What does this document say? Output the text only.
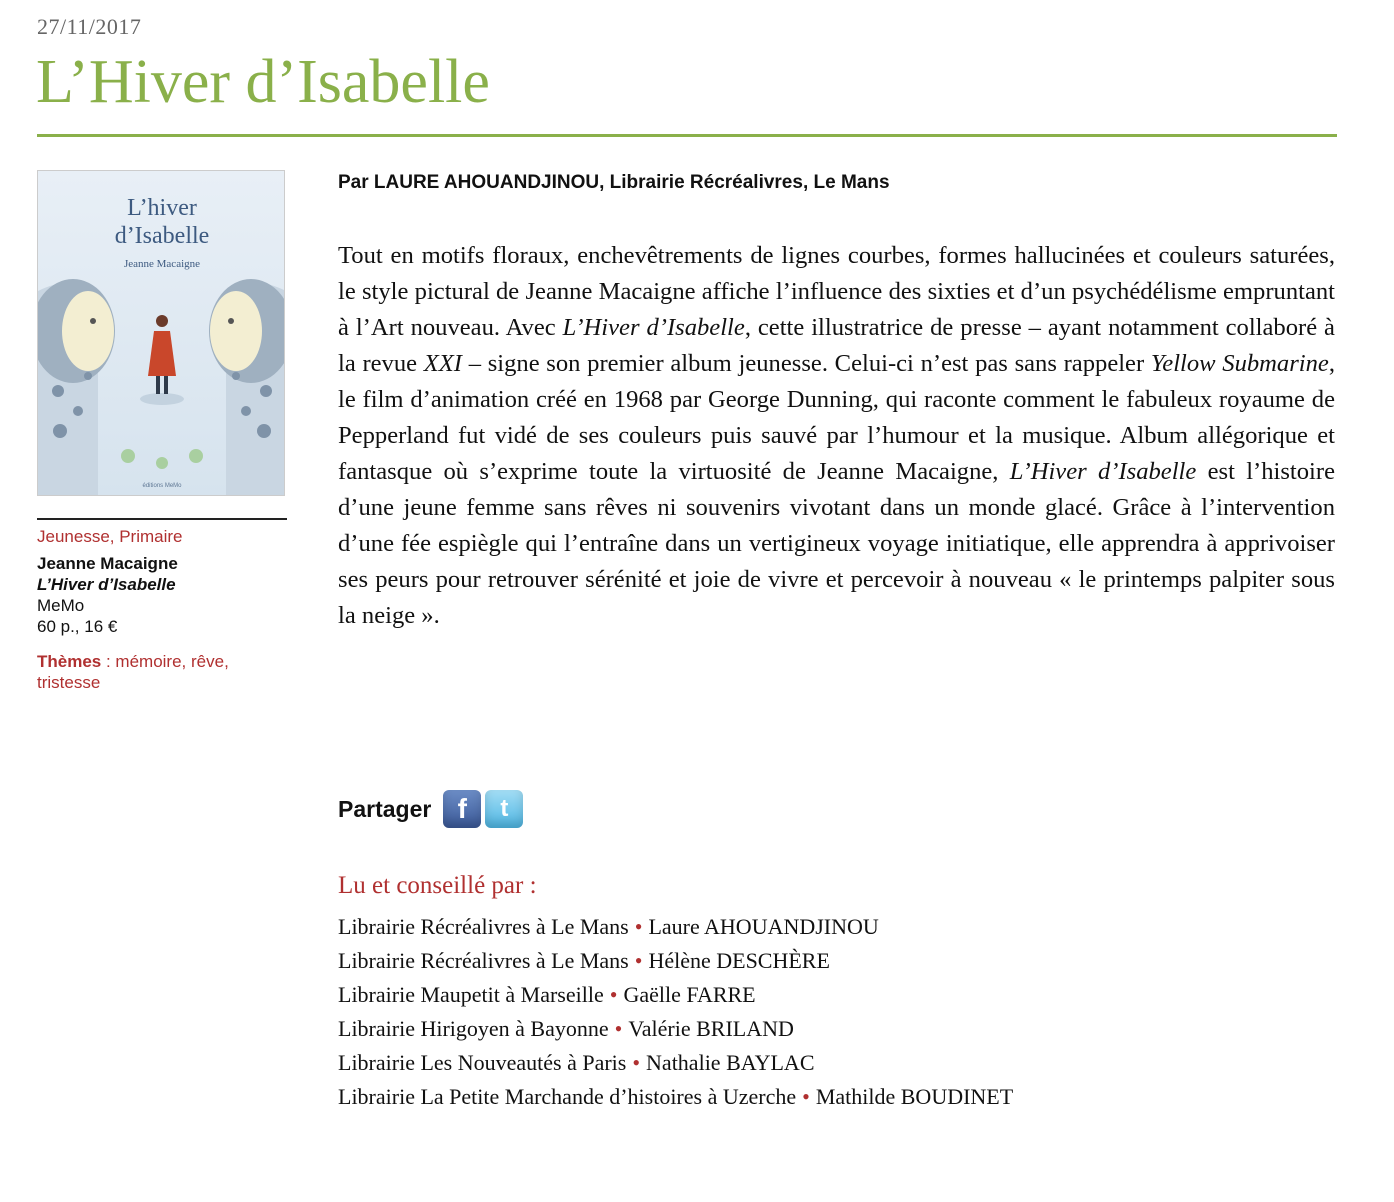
27/11/2017
L’Hiver d’Isabelle
L’hiver
d’Isabelle
Jeanne Macaigne
éditions MeMo
Jeunesse, Primaire
Jeanne Macaigne
L’Hiver d’Isabelle
MeMo
60 p., 16 €
Thèmes : mémoire, rêve, tristesse
Par LAURE AHOUANDJINOU, Librairie Récréalivres, Le Mans

Tout en motifs floraux, enchevêtrements de lignes courbes, formes hallucinées et couleurs saturées, le style pictural de Jeanne Macaigne affiche l’influence des sixties et d’un psychédélisme empruntant à l’Art nouveau. Avec L’Hiver d’Isabelle, cette illustratrice de presse – ayant notamment collaboré à la revue XXI – signe son premier album jeunesse. Celui-ci n’est pas sans rappeler Yellow Submarine, le film d’animation créé en 1968 par George Dunning, qui raconte comment le fabuleux royaume de Pepperland fut vidé de ses couleurs puis sauvé par l’humour et la musique. Album allégorique et fantasque où s’exprime toute la virtuosité de Jeanne Macaigne, L’Hiver d’Isabelle est l’histoire d’une jeune femme sans rêves ni souvenirs vivotant dans un monde glacé. Grâce à l’intervention d’une fée espiègle qui l’entraîne dans un vertigineux voyage initiatique, elle apprendra à apprivoiser ses peurs pour retrouver sérénité et joie de vivre et percevoir à nouveau « le printemps palpiter sous la neige ».

Partager f	t
Lu et conseillé par :
Librairie Récréalivres à Le Mans • Laure AHOUANDJINOU
Librairie Récréalivres à Le Mans • Hélène DESCHÈRE
Librairie Maupetit à Marseille • Gaëlle FARRE
Librairie Hirigoyen à Bayonne • Valérie BRILAND
Librairie Les Nouveautés à Paris • Nathalie BAYLAC
Librairie La Petite Marchande d’histoires à Uzerche • Mathilde BOUDINET
